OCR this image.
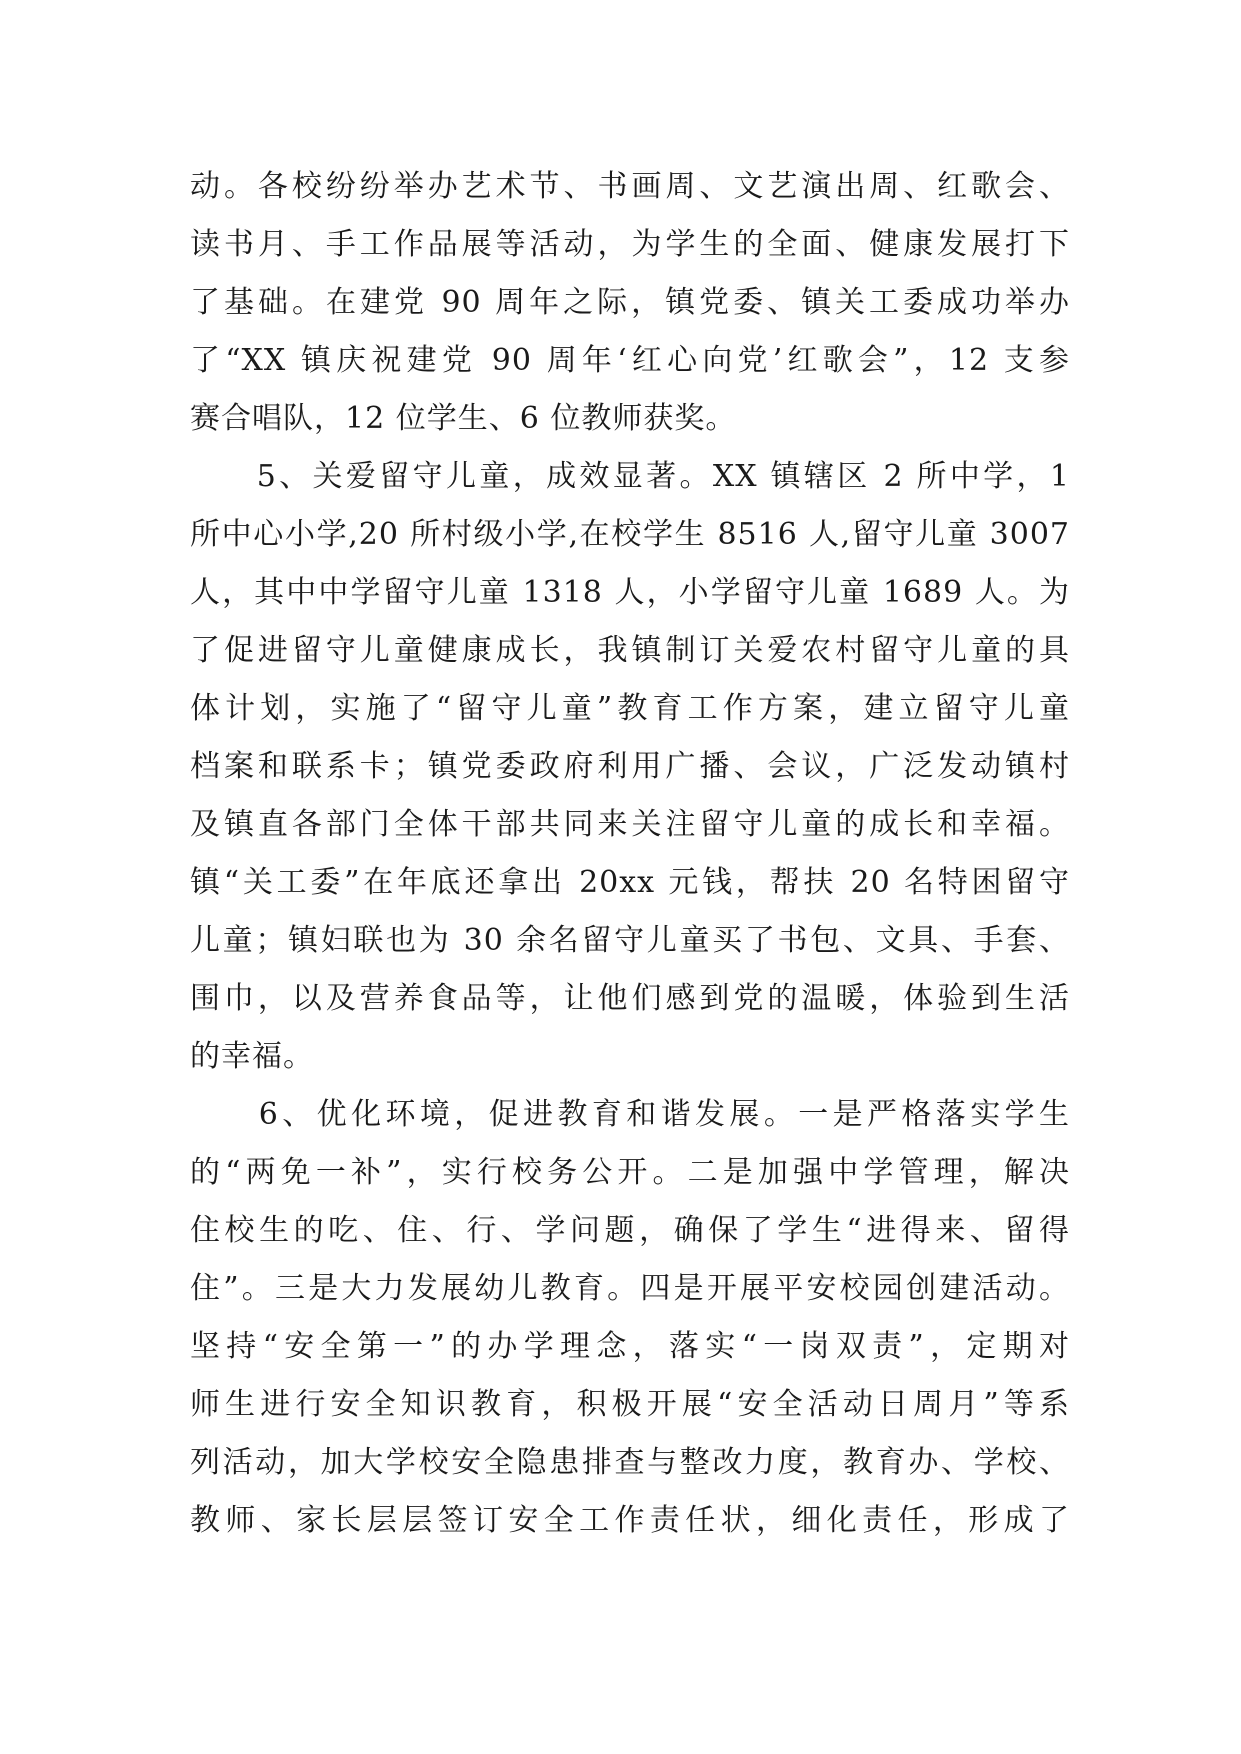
动。各校纷纷举办艺术节、书画周、文艺演出周、红歌会、
读书月、手工作品展等活动，为学生的全面、健康发展打下
了基础。在建党 90 周年之际，镇党委、镇关工委成功举办
了“XX 镇庆祝建党 90 周年‘红心向党’红歌会”，12 支参
赛合唱队，12 位学生、6 位教师获奖。
　　5、关爱留守儿童，成效显著。XX 镇辖区 2 所中学，1
所中心小学,20 所村级小学,在校学生 8516 人,留守儿童 3007
人，其中中学留守儿童 1318 人，小学留守儿童 1689 人。为
了促进留守儿童健康成长，我镇制订关爱农村留守儿童的具
体计划，实施了“留守儿童”教育工作方案，建立留守儿童
档案和联系卡；镇党委政府利用广播、会议，广泛发动镇村
及镇直各部门全体干部共同来关注留守儿童的成长和幸福。
镇“关工委”在年底还拿出 20xx 元钱，帮扶 20 名特困留守
儿童；镇妇联也为 30 余名留守儿童买了书包、文具、手套、
围巾，以及营养食品等，让他们感到党的温暖，体验到生活
的幸福。
　　6、优化环境，促进教育和谐发展。一是严格落实学生
的“两免一补”，实行校务公开。二是加强中学管理，解决
住校生的吃、住、行、学问题，确保了学生“进得来、留得
住”。三是大力发展幼儿教育。四是开展平安校园创建活动。
坚持“安全第一”的办学理念，落实“一岗双责”，定期对
师生进行安全知识教育，积极开展“安全活动日周月”等系
列活动，加大学校安全隐患排查与整改力度，教育办、学校、
教师、家长层层签订安全工作责任状，细化责任，形成了
